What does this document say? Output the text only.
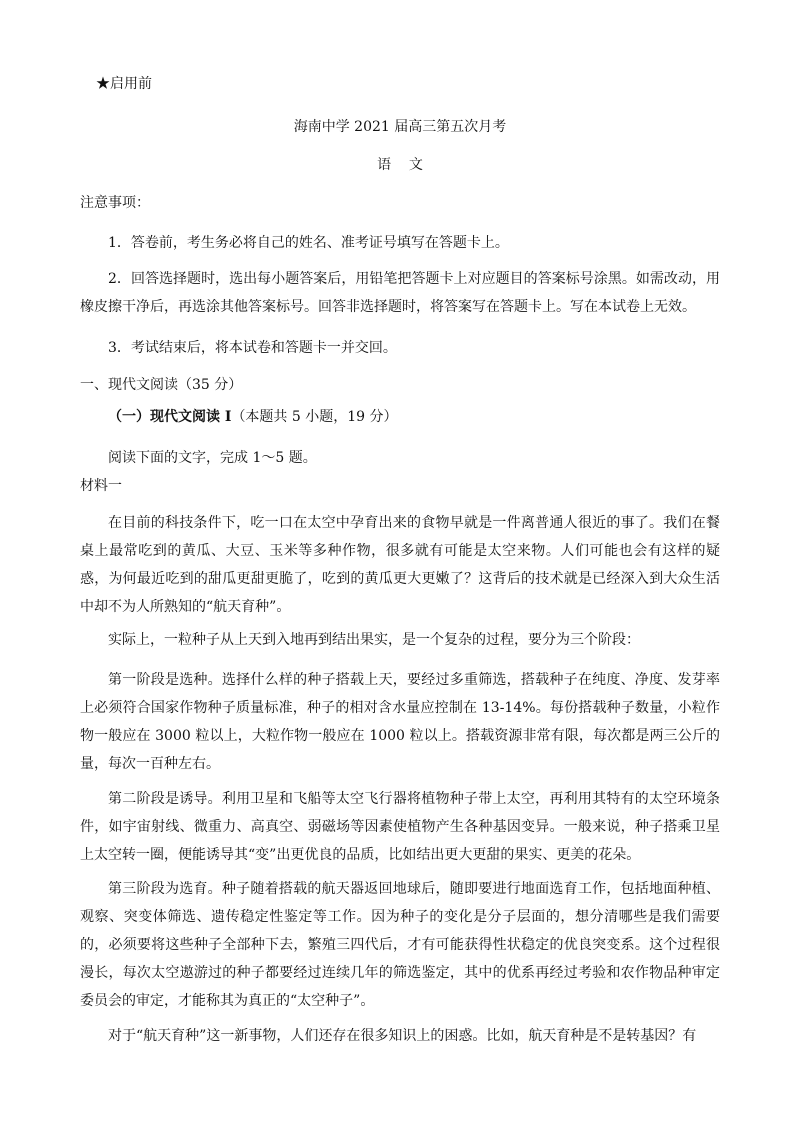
★启用前

海南中学 2021 届高三第五次月考

语    文

注意事项：

1．答卷前，考生务必将自己的姓名、准考证号填写在答题卡上。

2．回答选择题时，选出每小题答案后，用铅笔把答题卡上对应题目的答案标号涂黑。如需改动，用橡皮擦干净后，再选涂其他答案标号。回答非选择题时，将答案写在答题卡上。写在本试卷上无效。

3．考试结束后，将本试卷和答题卡一并交回。

一、现代文阅读（35 分）

（一）现代文阅读 I（本题共 5 小题，19 分）

阅读下面的文字，完成 1～5 题。

材料一

在目前的科技条件下，吃一口在太空中孕育出来的食物早就是一件离普通人很近的事了。我们在餐桌上最常吃到的黄瓜、大豆、玉米等多种作物，很多就有可能是太空来物。人们可能也会有这样的疑惑，为何最近吃到的甜瓜更甜更脆了，吃到的黄瓜更大更嫩了？这背后的技术就是已经深入到大众生活中却不为人所熟知的“航天育种”。

实际上，一粒种子从上天到入地再到结出果实，是一个复杂的过程，要分为三个阶段：

第一阶段是选种。选择什么样的种子搭载上天，要经过多重筛选，搭载种子在纯度、净度、发芽率上必须符合国家作物种子质量标准，种子的相对含水量应控制在 13-14%。每份搭载种子数量，小粒作物一般应在 3000 粒以上，大粒作物一般应在 1000 粒以上。搭载资源非常有限，每次都是两三公斤的量，每次一百种左右。

第二阶段是诱导。利用卫星和飞船等太空飞行器将植物种子带上太空，再利用其特有的太空环境条件，如宇宙射线、微重力、高真空、弱磁场等因素使植物产生各种基因变异。一般来说，种子搭乘卫星上太空转一圈，便能诱导其“变”出更优良的品质，比如结出更大更甜的果实、更美的花朵。

第三阶段为选育。种子随着搭载的航天器返回地球后，随即要进行地面选育工作，包括地面种植、观察、突变体筛选、遗传稳定性鉴定等工作。因为种子的变化是分子层面的，想分清哪些是我们需要的，必须要将这些种子全部种下去，繁殖三四代后，才有可能获得性状稳定的优良突变系。这个过程很漫长，每次太空遨游过的种子都要经过连续几年的筛选鉴定，其中的优系再经过考验和农作物品种审定委员会的审定，才能称其为真正的“太空种子”。

对于“航天育种”这一新事物，人们还存在很多知识上的困惑。比如，航天育种是不是转基因？有
